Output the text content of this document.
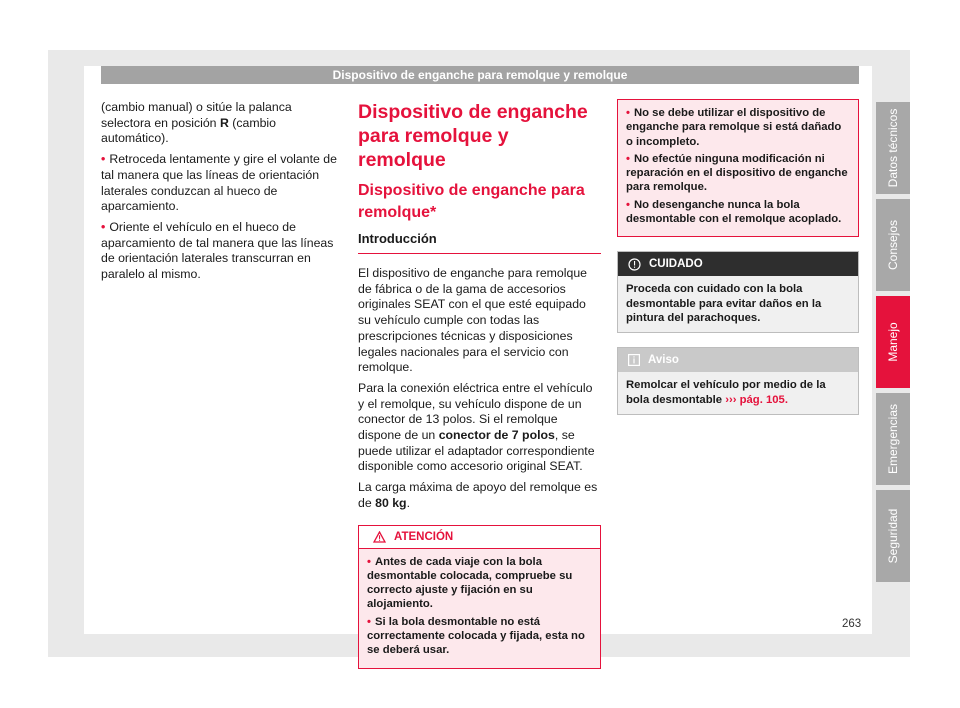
Dispositivo de enganche para remolque y remolque

(cambio manual) o sitúe la palanca selectora en posición R (cambio automático).

• Retroceda lentamente y gire el volante de tal manera que las líneas de orientación laterales conduzcan al hueco de aparcamiento.

• Oriente el vehículo en el hueco de aparcamiento de tal manera que las líneas de orientación laterales transcurran en paralelo al mismo.

Dispositivo de enganche para remolque y remolque
Dispositivo de enganche para remolque*
Introducción

El dispositivo de enganche para remolque de fábrica o de la gama de accesorios originales SEAT con el que esté equipado su vehículo cumple con todas las prescripciones técnicas y disposiciones legales nacionales para el servicio con remolque.

Para la conexión eléctrica entre el vehículo y el remolque, su vehículo dispone de un conector de 13 polos. Si el remolque dispone de un conector de 7 polos, se puede utilizar el adaptador correspondiente disponible como accesorio original SEAT.

La carga máxima de apoyo del remolque es de 80 kg.

ATENCIÓN

• Antes de cada viaje con la bola desmontable colocada, compruebe su correcto ajuste y fijación en su alojamiento.

• Si la bola desmontable no está correctamente colocada y fijada, esta no se deberá usar.

• No se debe utilizar el dispositivo de enganche para remolque si está dañado o incompleto.

• No efectúe ninguna modificación ni reparación en el dispositivo de enganche para remolque.

• No desenganche nunca la bola desmontable con el remolque acoplado.

CUIDADO
Proceda con cuidado con la bola desmontable para evitar daños en la pintura del parachoques.
Aviso
Remolcar el vehículo por medio de la bola desmontable ››› pág. 105.
Datos técnicos
Consejos
Manejo
Emergencias
Seguridad
263
